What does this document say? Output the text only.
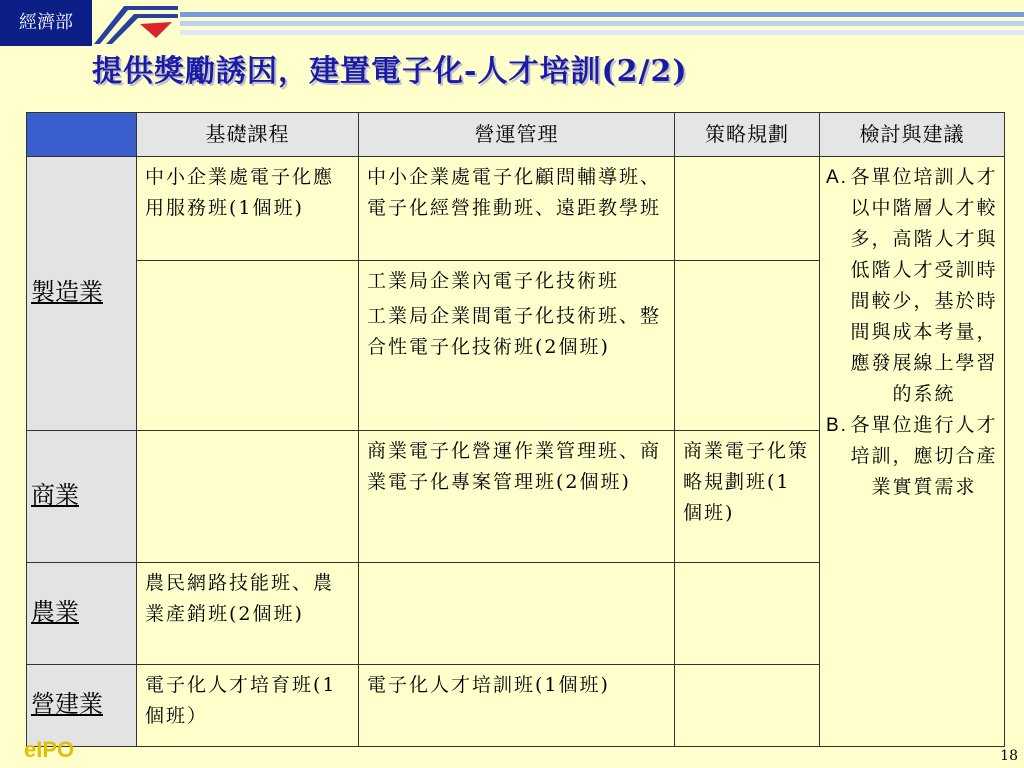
經濟部
提供獎勵誘因，建置電子化-人才培訓(2/2)
	基礎課程	營運管理	策略規劃	檢討與建議
製造業	中小企業處電子化應用服務班(1個班)	中小企業處電子化顧問輔導班、電子化經營推動班、遠距教學班		A. 各單位培訓人才以中階層人才較多，高階人才與低階人才受訓時間較少，基於時間與成本考量，應發展線上學習的系統

B. 各單位進行人才培訓，應切合產業實質需求

		工業局企業內電子化技術班

工業局企業間電子化技術班、整合性電子化技術班(2個班)		

商業		商業電子化營運作業管理班、商業電子化專案管理班(2個班)	商業電子化策略規劃班(1個班)	

農業	農民網路技能班、農業產銷班(2個班)			

營建業	電子化人才培育班(1個班）	電子化人才培訓班(1個班)		

eIPO	18
